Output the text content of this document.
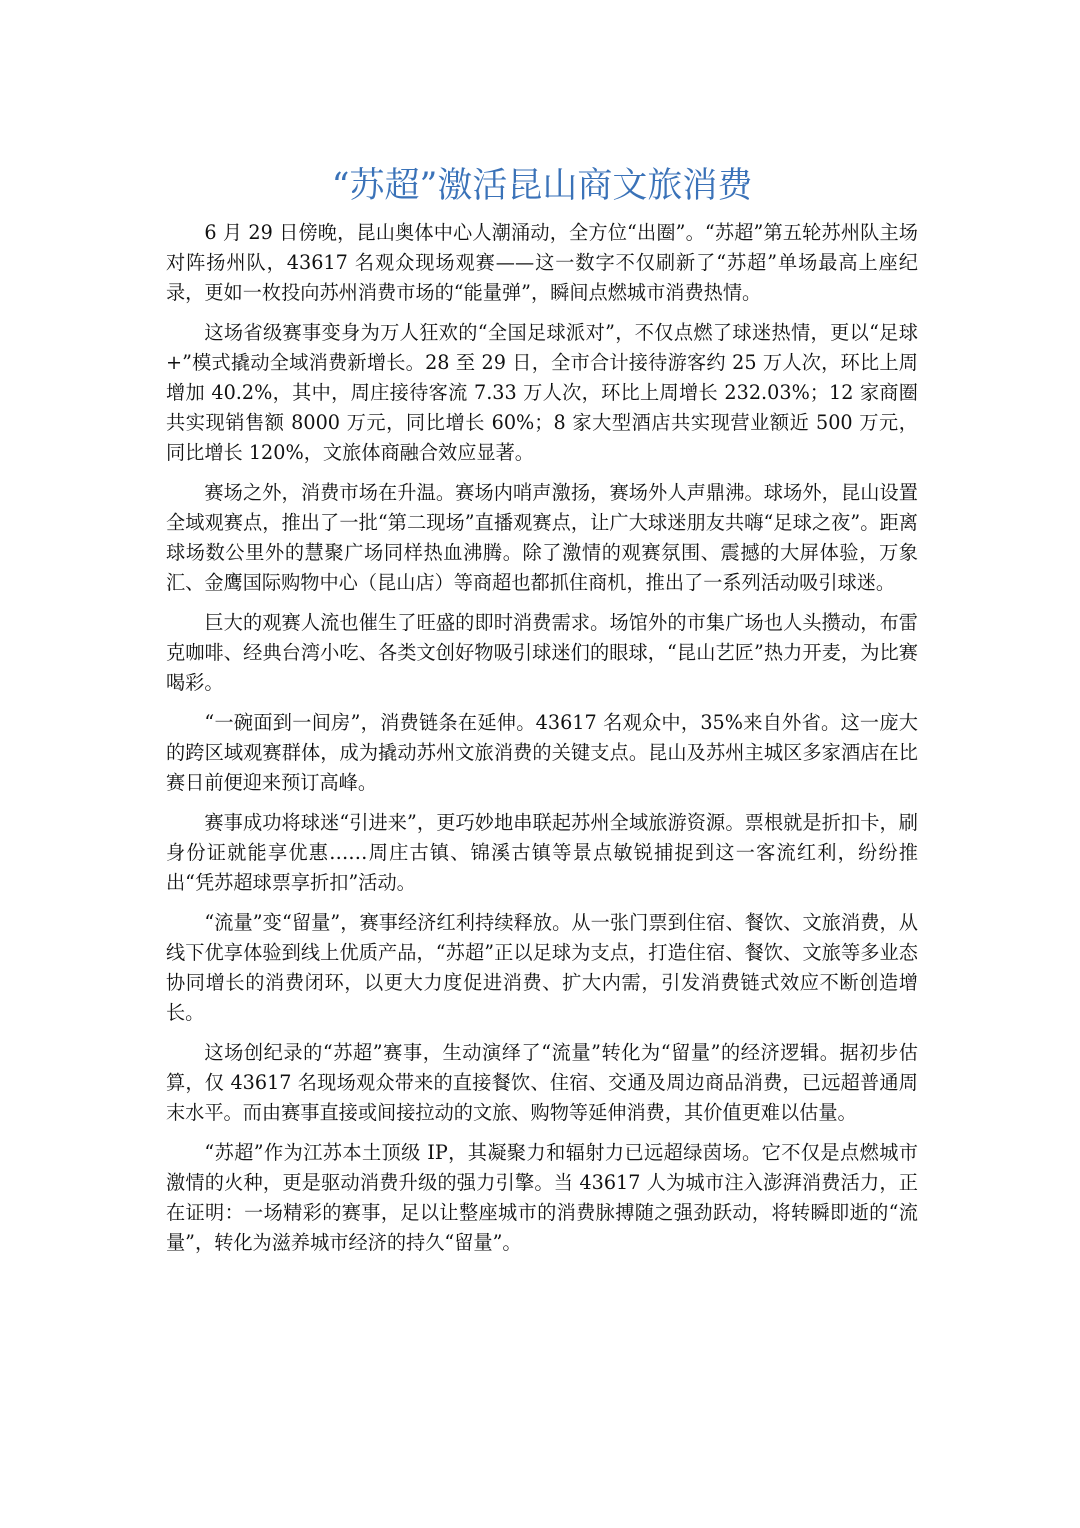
“苏超”激活昆山商文旅消费

6 月 29 日傍晚，昆山奥体中心人潮涌动，全方位“出圈”。“苏超”第五轮苏州队主场对阵扬州队，43617 名观众现场观赛——这一数字不仅刷新了“苏超”单场最高上座纪录，更如一枚投向苏州消费市场的“能量弹”，瞬间点燃城市消费热情。

这场省级赛事变身为万人狂欢的“全国足球派对”，不仅点燃了球迷热情，更以“足球+”模式撬动全域消费新增长。28 至 29 日，全市合计接待游客约 25 万人次，环比上周增加 40.2%，其中，周庄接待客流 7.33 万人次，环比上周增长 232.03%；12 家商圈共实现销售额 8000 万元，同比增长 60%；8 家大型酒店共实现营业额近 500 万元，同比增长 120%，文旅体商融合效应显著。

赛场之外，消费市场在升温。赛场内哨声激扬，赛场外人声鼎沸。球场外，昆山设置全域观赛点，推出了一批“第二现场”直播观赛点，让广大球迷朋友共嗨“足球之夜”。距离球场数公里外的慧聚广场同样热血沸腾。除了激情的观赛氛围、震撼的大屏体验，万象汇、金鹰国际购物中心（昆山店）等商超也都抓住商机，推出了一系列活动吸引球迷。

巨大的观赛人流也催生了旺盛的即时消费需求。场馆外的市集广场也人头攒动，布雷克咖啡、经典台湾小吃、各类文创好物吸引球迷们的眼球，“昆山艺匠”热力开麦，为比赛喝彩。

“一碗面到一间房”，消费链条在延伸。43617 名观众中，35%来自外省。这一庞大的跨区域观赛群体，成为撬动苏州文旅消费的关键支点。昆山及苏州主城区多家酒店在比赛日前便迎来预订高峰。

赛事成功将球迷“引进来”，更巧妙地串联起苏州全域旅游资源。票根就是折扣卡，刷身份证就能享优惠……周庄古镇、锦溪古镇等景点敏锐捕捉到这一客流红利，纷纷推出“凭苏超球票享折扣”活动。

“流量”变“留量”，赛事经济红利持续释放。从一张门票到住宿、餐饮、文旅消费，从线下优享体验到线上优质产品，“苏超”正以足球为支点，打造住宿、餐饮、文旅等多业态协同增长的消费闭环，以更大力度促进消费、扩大内需，引发消费链式效应不断创造增长。

这场创纪录的“苏超”赛事，生动演绎了“流量”转化为“留量”的经济逻辑。据初步估算，仅 43617 名现场观众带来的直接餐饮、住宿、交通及周边商品消费，已远超普通周末水平。而由赛事直接或间接拉动的文旅、购物等延伸消费，其价值更难以估量。

“苏超”作为江苏本土顶级 IP，其凝聚力和辐射力已远超绿茵场。它不仅是点燃城市激情的火种，更是驱动消费升级的强力引擎。当 43617 人为城市注入澎湃消费活力，正在证明：一场精彩的赛事，足以让整座城市的消费脉搏随之强劲跃动，将转瞬即逝的“流量”，转化为滋养城市经济的持久“留量”。
